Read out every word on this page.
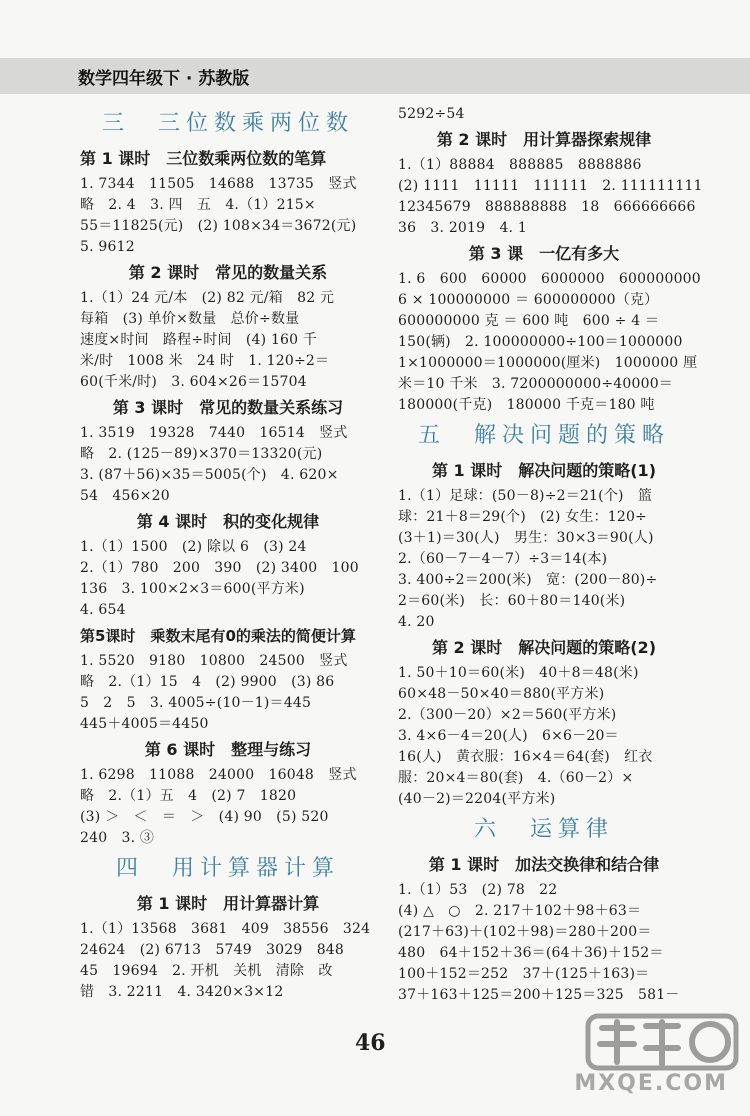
数学四年级下 · 苏教版
三　三位数乘两位数
第 1 课时　三位数乘两位数的笔算
1. 7344　11505　14688　13735　竖式
略　2. 4　3. 四　五　4.（1）215×
55＝11825(元)　(2) 108×34＝3672(元)
5. 9612
第 2 课时　常见的数量关系
1.（1）24 元/本　(2) 82 元/箱　82 元
每箱　(3) 单价×数量　总价÷数量
速度×时间　路程÷时间　(4) 160 千
米/时　1008 米　24 时　1. 120÷2＝
60(千米/时)　3. 604×26＝15704
第 3 课时　常见的数量关系练习
1. 3519　19328　7440　16514　竖式
略　2. (125－89)×370＝13320(元)
3. (87＋56)×35＝5005(个)　4. 620×
54　456×20
第 4 课时　积的变化规律
1.（1）1500　(2) 除以 6　(3) 24
2.（1）780　200　390　(2) 3400　100
136　3. 100×2×3＝600(平方米)
4. 654
第5课时　乘数末尾有0的乘法的简便计算
1. 5520　9180　10800　24500　竖式
略　2.（1）15　4　(2) 9900　(3) 86
5　2　5　3. 4005÷(10－1)＝445
445＋4005＝4450
第 6 课时　整理与练习
1. 6298　11088　24000　16048　竖式
略　2.（1）五　4　(2) 7　1820
(3) ＞　＜　＝　＞　(4) 90　(5) 520
240　3. ③
四　用计算器计算
第 1 课时　用计算器计算
1.（1）13568　3681　409　38556　324
24624　(2) 6713　5749　3029　848
45　19694　2. 开机　关机　清除　改
错　3. 2211　4. 3420×3×12
5292÷54
第 2 课时　用计算器探索规律
1.（1）88884　888885　8888886
(2) 1111　11111　111111　2. 111111111
12345679　888888888　18　666666666
36　3. 2019　4. 1
第 3 课　一亿有多大
1. 6　600　60000　6000000　600000000
6 × 100000000 ＝ 600000000（克）
600000000 克 ＝ 600 吨　600 ÷ 4 ＝
150(辆)　2. 100000000÷100＝1000000
1×1000000＝1000000(厘米)　1000000 厘
米＝10 千米　3. 7200000000÷40000＝
180000(千克)　180000 千克＝180 吨
五　解决问题的策略
第 1 课时　解决问题的策略(1)
1.（1）足球：(50－8)÷2＝21(个)　篮
球：21＋8＝29(个)　(2) 女生：120÷
(3＋1)＝30(人)　男生：30×3＝90(人)
2.（60－7－4－7）÷3＝14(本)
3. 400÷2＝200(米)　宽：(200－80)÷
2＝60(米)　长：60＋80＝140(米)
4. 20
第 2 课时　解决问题的策略(2)
1. 50＋10＝60(米)　40＋8＝48(米)
60×48－50×40＝880(平方米)
2.（300－20）×2＝560(平方米)
3. 4×6－4＝20(人)　6×6－20＝
16(人)　黄衣服：16×4＝64(套)　红衣
服：20×4＝80(套)　4.（60－2）×
(40－2)＝2204(平方米)
六　运算律
第 1 课时　加法交换律和结合律
1.（1）53　(2) 78　22
(4) △　○　2. 217＋102＋98＋63＝
(217＋63)＋(102＋98)＝280＋200＝
480　64＋152＋36＝(64＋36)＋152＝
100＋152＝252　37＋(125＋163)＝
37＋163＋125＝200＋125＝325　581－
46
MXQE.COM
